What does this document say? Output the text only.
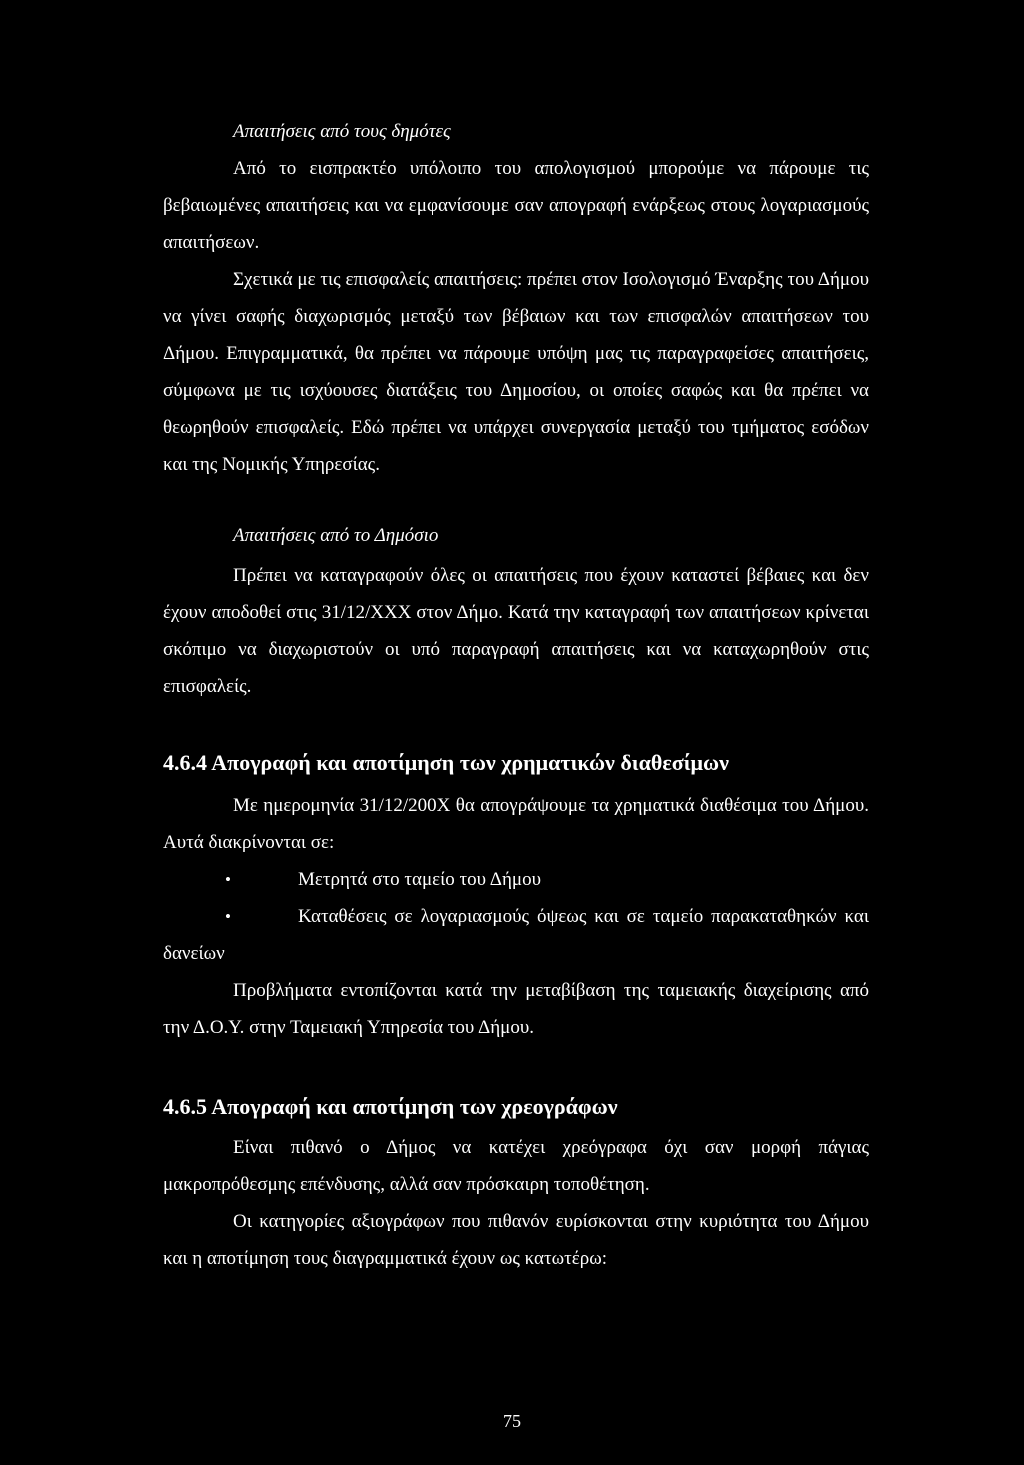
Απαιτήσεις από τους δημότες

Από το εισπρακτέο υπόλοιπο του απολογισμού μπορούμε να πάρουμε τις βεβαιωμένες απαιτήσεις και να εμφανίσουμε σαν απογραφή ενάρξεως στους λογαριασμούς απαιτήσεων.

Σχετικά με τις επισφαλείς απαιτήσεις: πρέπει στον Ισολογισμό Έναρξης του Δήμου να γίνει σαφής διαχωρισμός μεταξύ των βέβαιων και των επισφαλών απαιτήσεων του Δήμου. Επιγραμματικά, θα πρέπει να πάρουμε υπόψη μας τις παραγραφείσες απαιτήσεις, σύμφωνα με τις ισχύουσες διατάξεις του Δημοσίου, οι οποίες σαφώς και θα πρέπει να θεωρηθούν επισφαλείς. Εδώ πρέπει να υπάρχει συνεργασία μεταξύ του τμήματος εσόδων και της Νομικής Υπηρεσίας.

Απαιτήσεις από το Δημόσιο

Πρέπει να καταγραφούν όλες οι απαιτήσεις που έχουν καταστεί βέβαιες και δεν έχουν αποδοθεί στις 31/12/ΧΧΧ στον Δήμο. Κατά την καταγραφή των απαιτήσεων κρίνεται σκόπιμο να διαχωριστούν οι υπό παραγραφή απαιτήσεις και να καταχωρηθούν στις επισφαλείς.

4.6.4 Απογραφή και αποτίμηση των χρηματικών διαθεσίμων

Με ημερομηνία 31/12/200Χ θα απογράψουμε τα χρηματικά διαθέσιμα του Δήμου. Αυτά διακρίνονται σε:

•	Μετρητά στο ταμείο του Δήμου

•	Καταθέσεις σε λογαριασμούς όψεως και σε ταμείο παρακαταθηκών και δανείων

Προβλήματα εντοπίζονται κατά την μεταβίβαση της ταμειακής διαχείρισης από την Δ.Ο.Υ. στην Ταμειακή Υπηρεσία του Δήμου.

4.6.5 Απογραφή και αποτίμηση των χρεογράφων

Είναι πιθανό ο Δήμος να κατέχει χρεόγραφα όχι σαν μορφή πάγιας μακροπρόθεσμης επένδυσης, αλλά σαν πρόσκαιρη τοποθέτηση.

Οι κατηγορίες αξιογράφων που πιθανόν ευρίσκονται στην κυριότητα του Δήμου και η αποτίμηση τους διαγραμματικά έχουν ως κατωτέρω:

75
